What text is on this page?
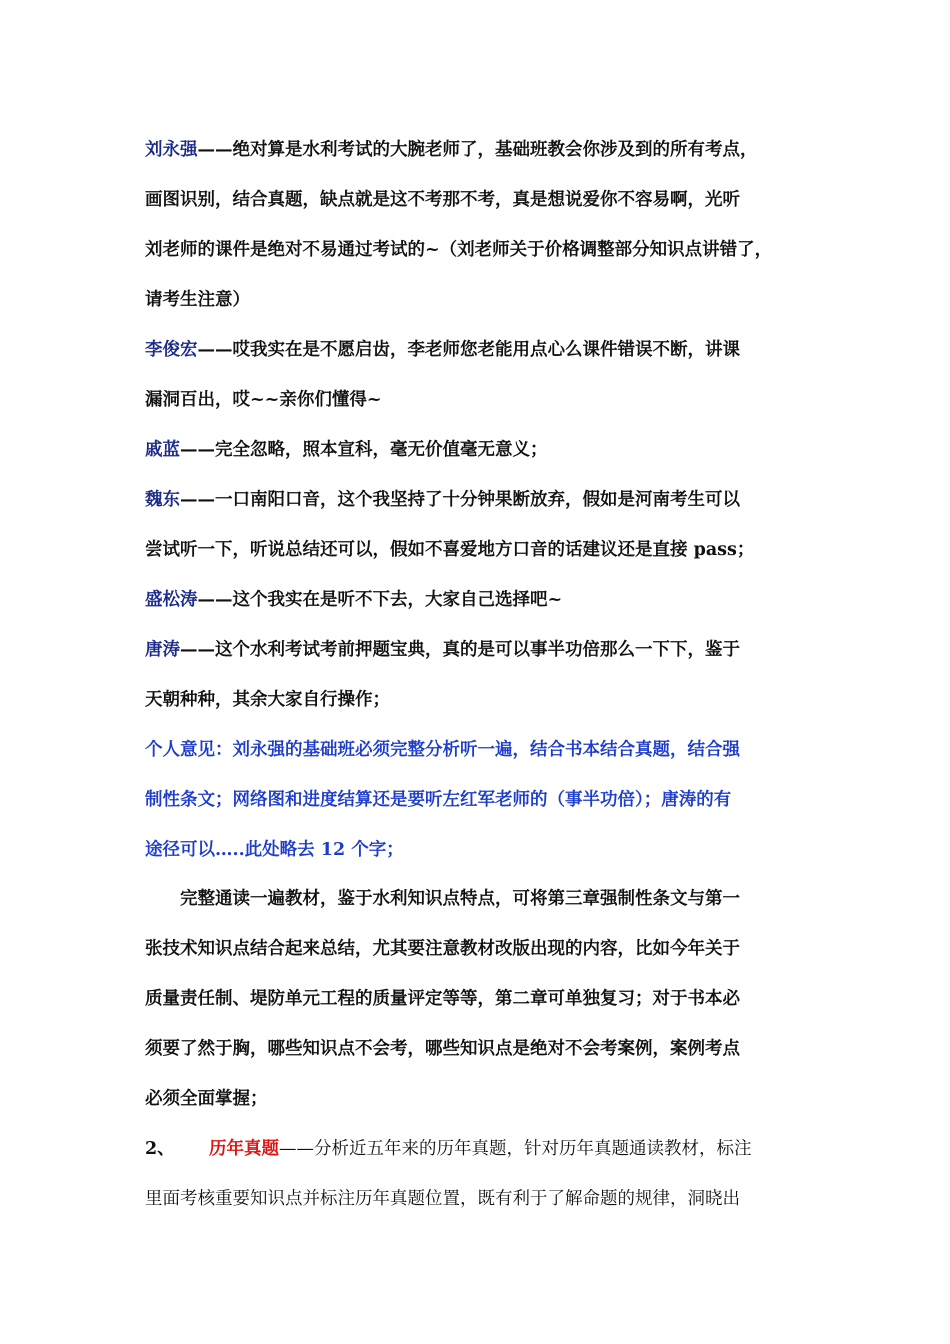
刘永强——绝对算是水利考试的大腕老师了，基础班教会你涉及到的所有考点，
画图识别，结合真题，缺点就是这不考那不考，真是想说爱你不容易啊，光听
刘老师的课件是绝对不易通过考试的~（刘老师关于价格调整部分知识点讲错了，
请考生注意）
李俊宏——哎我实在是不愿启齿，李老师您老能用点心么课件错误不断，讲课
漏洞百出，哎~~亲你们懂得~
戚蓝——完全忽略，照本宣科，毫无价值毫无意义；
魏东——一口南阳口音，这个我坚持了十分钟果断放弃，假如是河南考生可以
尝试听一下，听说总结还可以，假如不喜爱地方口音的话建议还是直接 pass；
盛松涛——这个我实在是听不下去，大家自己选择吧~
唐涛——这个水利考试考前押题宝典，真的是可以事半功倍那么一下下，鉴于
天朝种种，其余大家自行操作；
个人意见：刘永强的基础班必须完整分析听一遍，结合书本结合真题，结合强
制性条文；网络图和进度结算还是要听左红军老师的（事半功倍）；唐涛的有
途径可以…..此处略去 12 个字；
完整通读一遍教材，鉴于水利知识点特点，可将第三章强制性条文与第一
张技术知识点结合起来总结，尤其要注意教材改版出现的内容，比如今年关于
质量责任制、堤防单元工程的质量评定等等，第二章可单独复习；对于书本必
须要了然于胸，哪些知识点不会考，哪些知识点是绝对不会考案例，案例考点
必须全面掌握；
2、 历年真题——分析近五年来的历年真题，针对历年真题通读教材，标注
里面考核重要知识点并标注历年真题位置，既有利于了解命题的规律，洞晓出
